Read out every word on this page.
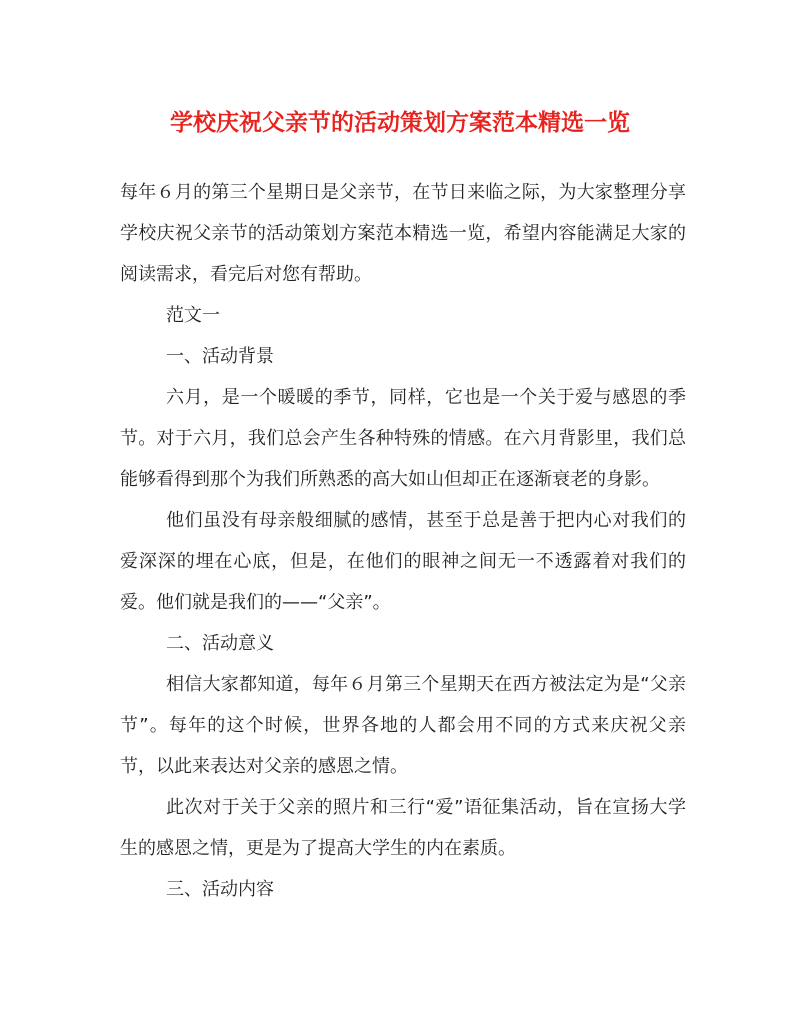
学校庆祝父亲节的活动策划方案范本精选一览

每年６月的第三个星期日是父亲节，在节日来临之际，为大家整理分享学校庆祝父亲节的活动策划方案范本精选一览，希望内容能满足大家的阅读需求，看完后对您有帮助。

范文一

一、活动背景

六月，是一个暖暖的季节，同样，它也是一个关于爱与感恩的季节。对于六月，我们总会产生各种特殊的情感。在六月背影里，我们总能够看得到那个为我们所熟悉的高大如山但却正在逐渐衰老的身影。

他们虽没有母亲般细腻的感情，甚至于总是善于把内心对我们的爱深深的埋在心底，但是，在他们的眼神之间无一不透露着对我们的爱。他们就是我们的——“父亲”。

二、活动意义

相信大家都知道，每年６月第三个星期天在西方被法定为是“父亲节”。每年的这个时候，世界各地的人都会用不同的方式来庆祝父亲节，以此来表达对父亲的感恩之情。

此次对于关于父亲的照片和三行“爱”语征集活动，旨在宣扬大学生的感恩之情，更是为了提高大学生的内在素质。

三、活动内容
